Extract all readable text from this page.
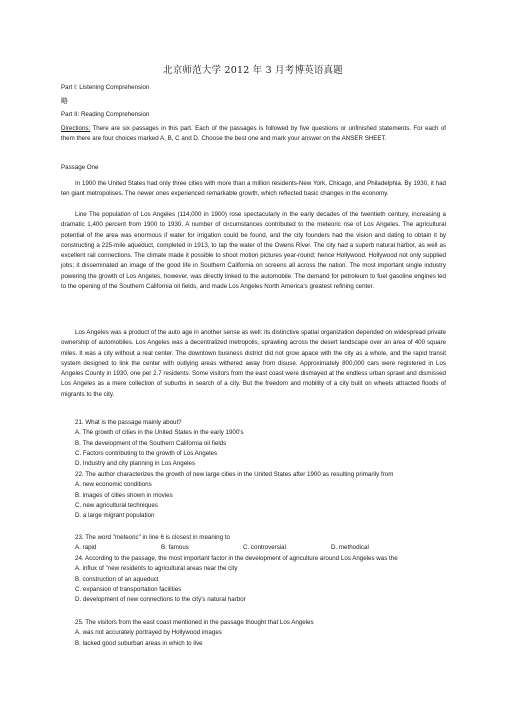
北京师范大学 2012 年 3 月考博英语真题
Part I: Listening Comprehension
略
Part II: Reading Comprehension
Directions: There are six passages in this part. Each of the passages is followed by five questions or unfinished statements. For each of them there are four choices marked A, B, C and D. Choose the best one and mark your answer on the ANSER SHEET.
Passage One
In 1900 the United States had only three cities with more than a million residents-New York, Chicago, and Philadelphia. By 1930, it had ten giant metropolises. The newer ones experienced remarkable growth, which reflected basic changes in the economy.
Line The population of Los Angeles (114,000 in 1900) rose spectacularly in the early decades of the twentieth century, increasing a dramatic 1,400 percent from 1900 to 1930. A number of circumstances contributed to the meteoric rise of Los Angeles. The agricultural potential of the area was enormous if water for irrigation could be found, and the city founders had the vision and dating to obtain it by constructing a 225-mile aqueduct, completed in 1913, to tap the water of the Owens River. The city had a superb natural harbor, as well as excellent rail connections. The climate made it possible to shoot motion pictures year-round; hence Hollywood. Hollywood not only supplied jobs; it disseminated an image of the good life in Southern California on screens all across the nation. The most important single industry powering the growth of Los Angeles, however, was directly linked to the automobile. The demand for petroleum to fuel gasoline engines led to the opening of the Southern California oil fields, and made Los Angeles North America's greatest refining center.
Los Angeles was a product of the auto age in another sense as well: its distinctive spatial organization depended on widespread private ownership of automobiles. Los Angeles was a decentralized metropolis, sprawling across the desert landscape over an area of 400 square miles. It was a city without a real center. The downtown business district did not grow apace with the city as a whole, and the rapid transit system designed to link the center with outlying areas withered away from disuse. Approximately 800,000 cars were registered in Los Angeles County in 1930, one per 2.7 residents. Some visitors from the east coast were dismayed at the endless urban sprawl and dismissed Los Angeles as a mere collection of suburbs in search of a city. But the freedom and mobility of a city built on wheels attracted floods of migrants to the city.
21. What is the passage mainly about?
A. The growth of cities in the United States in the early 1900's
B. The development of the Southern California oil fields
C. Factors contributing to the growth of Los Angeles
D. Industry and city planning in Los Angeles
22. The author characterizes the growth of new large cities in the United States after 1900 as resulting primarily from
A. new economic conditions
B. images of cities shown in movies
C. new agricultural techniques
D. a large migrant population
23. The word "meteoric" in line 6 is closest in meaning to
A. rapid	B. famous	C. controversial	D. methodical
24. According to the passage, the most important factor in the development of agriculture around Los Angeles was the
A. influx of "new residents to agricultural areas near the city
B. construction of an aqueduct
C. expansion of transportation facilities
D. development of new connections to the city's natural harbor
25. The visitors from the east coast mentioned in the passage thought that Los Angeles
A. was not accurately portrayed by Hollywood images
B. lacked good suburban areas in which to live
